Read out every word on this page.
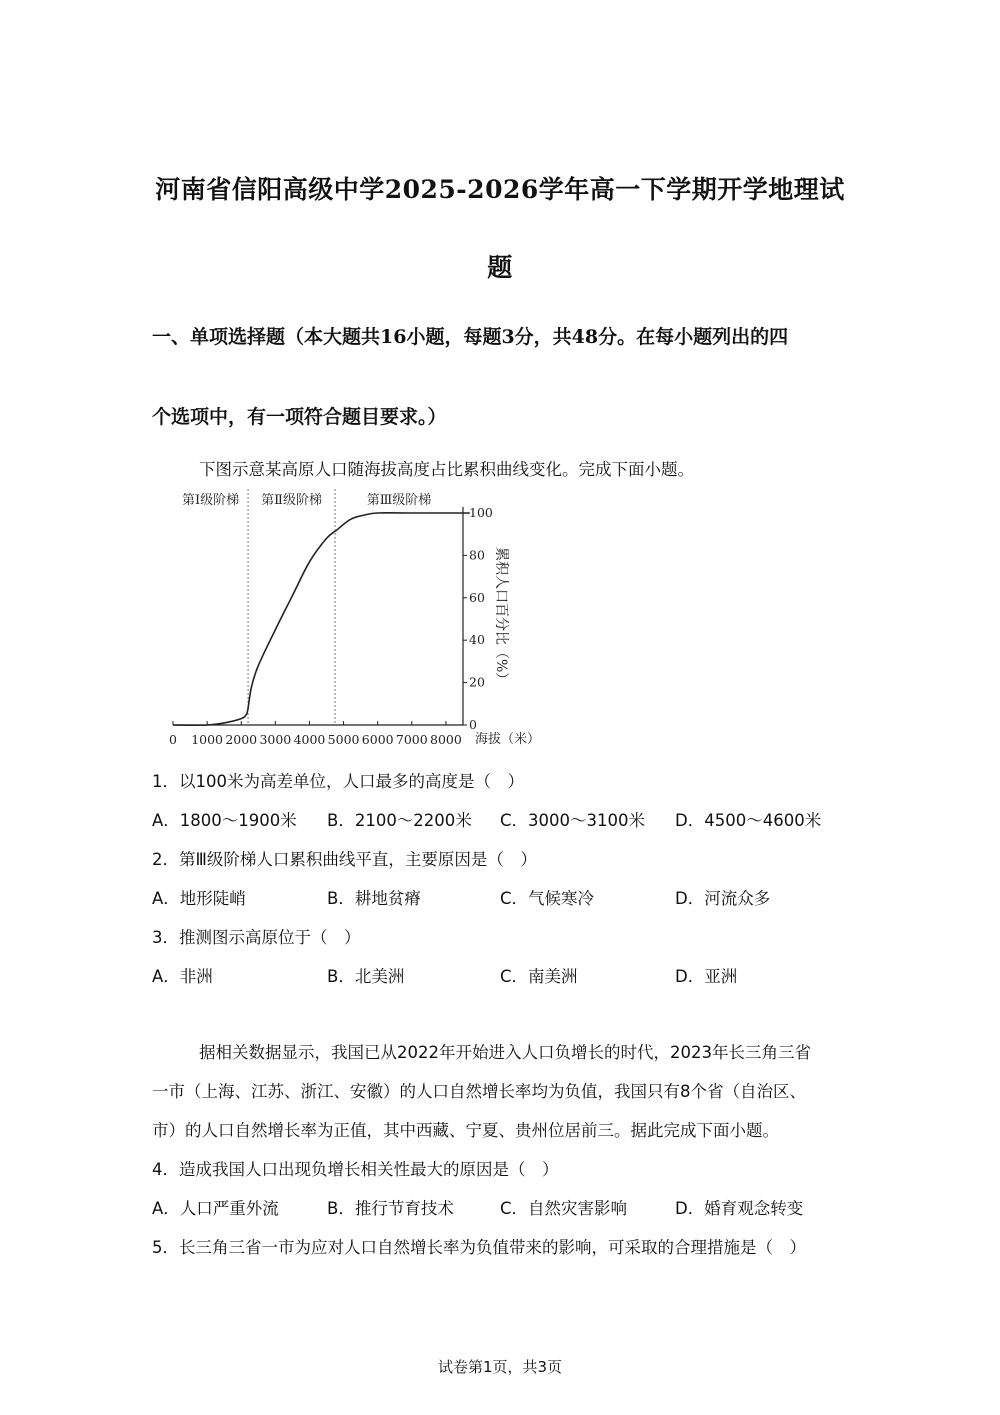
河南省信阳高级中学2025-2026学年高一下学期开学地理试
题
一、单项选择题（本大题共16小题，每题3分，共48分。在每小题列出的四
个选项中，有一项符合题目要求。）
下图示意某高原人口随海拔高度占比累积曲线变化。完成下面小题。
第Ⅰ级阶梯 第Ⅱ级阶梯	第Ⅲ级阶梯
0 1000 2000 3000 4000 5000 6000 7000 8000
0
20
40
60
80
100
海拔（米）
累积人口百分比（%）
1．以100米为高差单位，人口最多的高度是（　）
A．1800～1900米 B．2100～2200米 C．3000～3100米 D．4500～4600米
2．第Ⅲ级阶梯人口累积曲线平直，主要原因是（　）
A．地形陡峭	B．耕地贫瘠	C．气候寒冷	D．河流众多
3．推测图示高原位于（　）
A．非洲	B．北美洲	C．南美洲	D．亚洲
据相关数据显示，我国已从2022年开始进入人口负增长的时代，2023年长三角三省
一市（上海、江苏、浙江、安徽）的人口自然增长率均为负值，我国只有8个省（自治区、
市）的人口自然增长率为正值，其中西藏、宁夏、贵州位居前三。据此完成下面小题。
4．造成我国人口出现负增长相关性最大的原因是（　）
A．人口严重外流	B．推行节育技术	C．自然灾害影响	D．婚育观念转变
5．长三角三省一市为应对人口自然增长率为负值带来的影响，可采取的合理措施是（　）
试卷第1页，共3页
